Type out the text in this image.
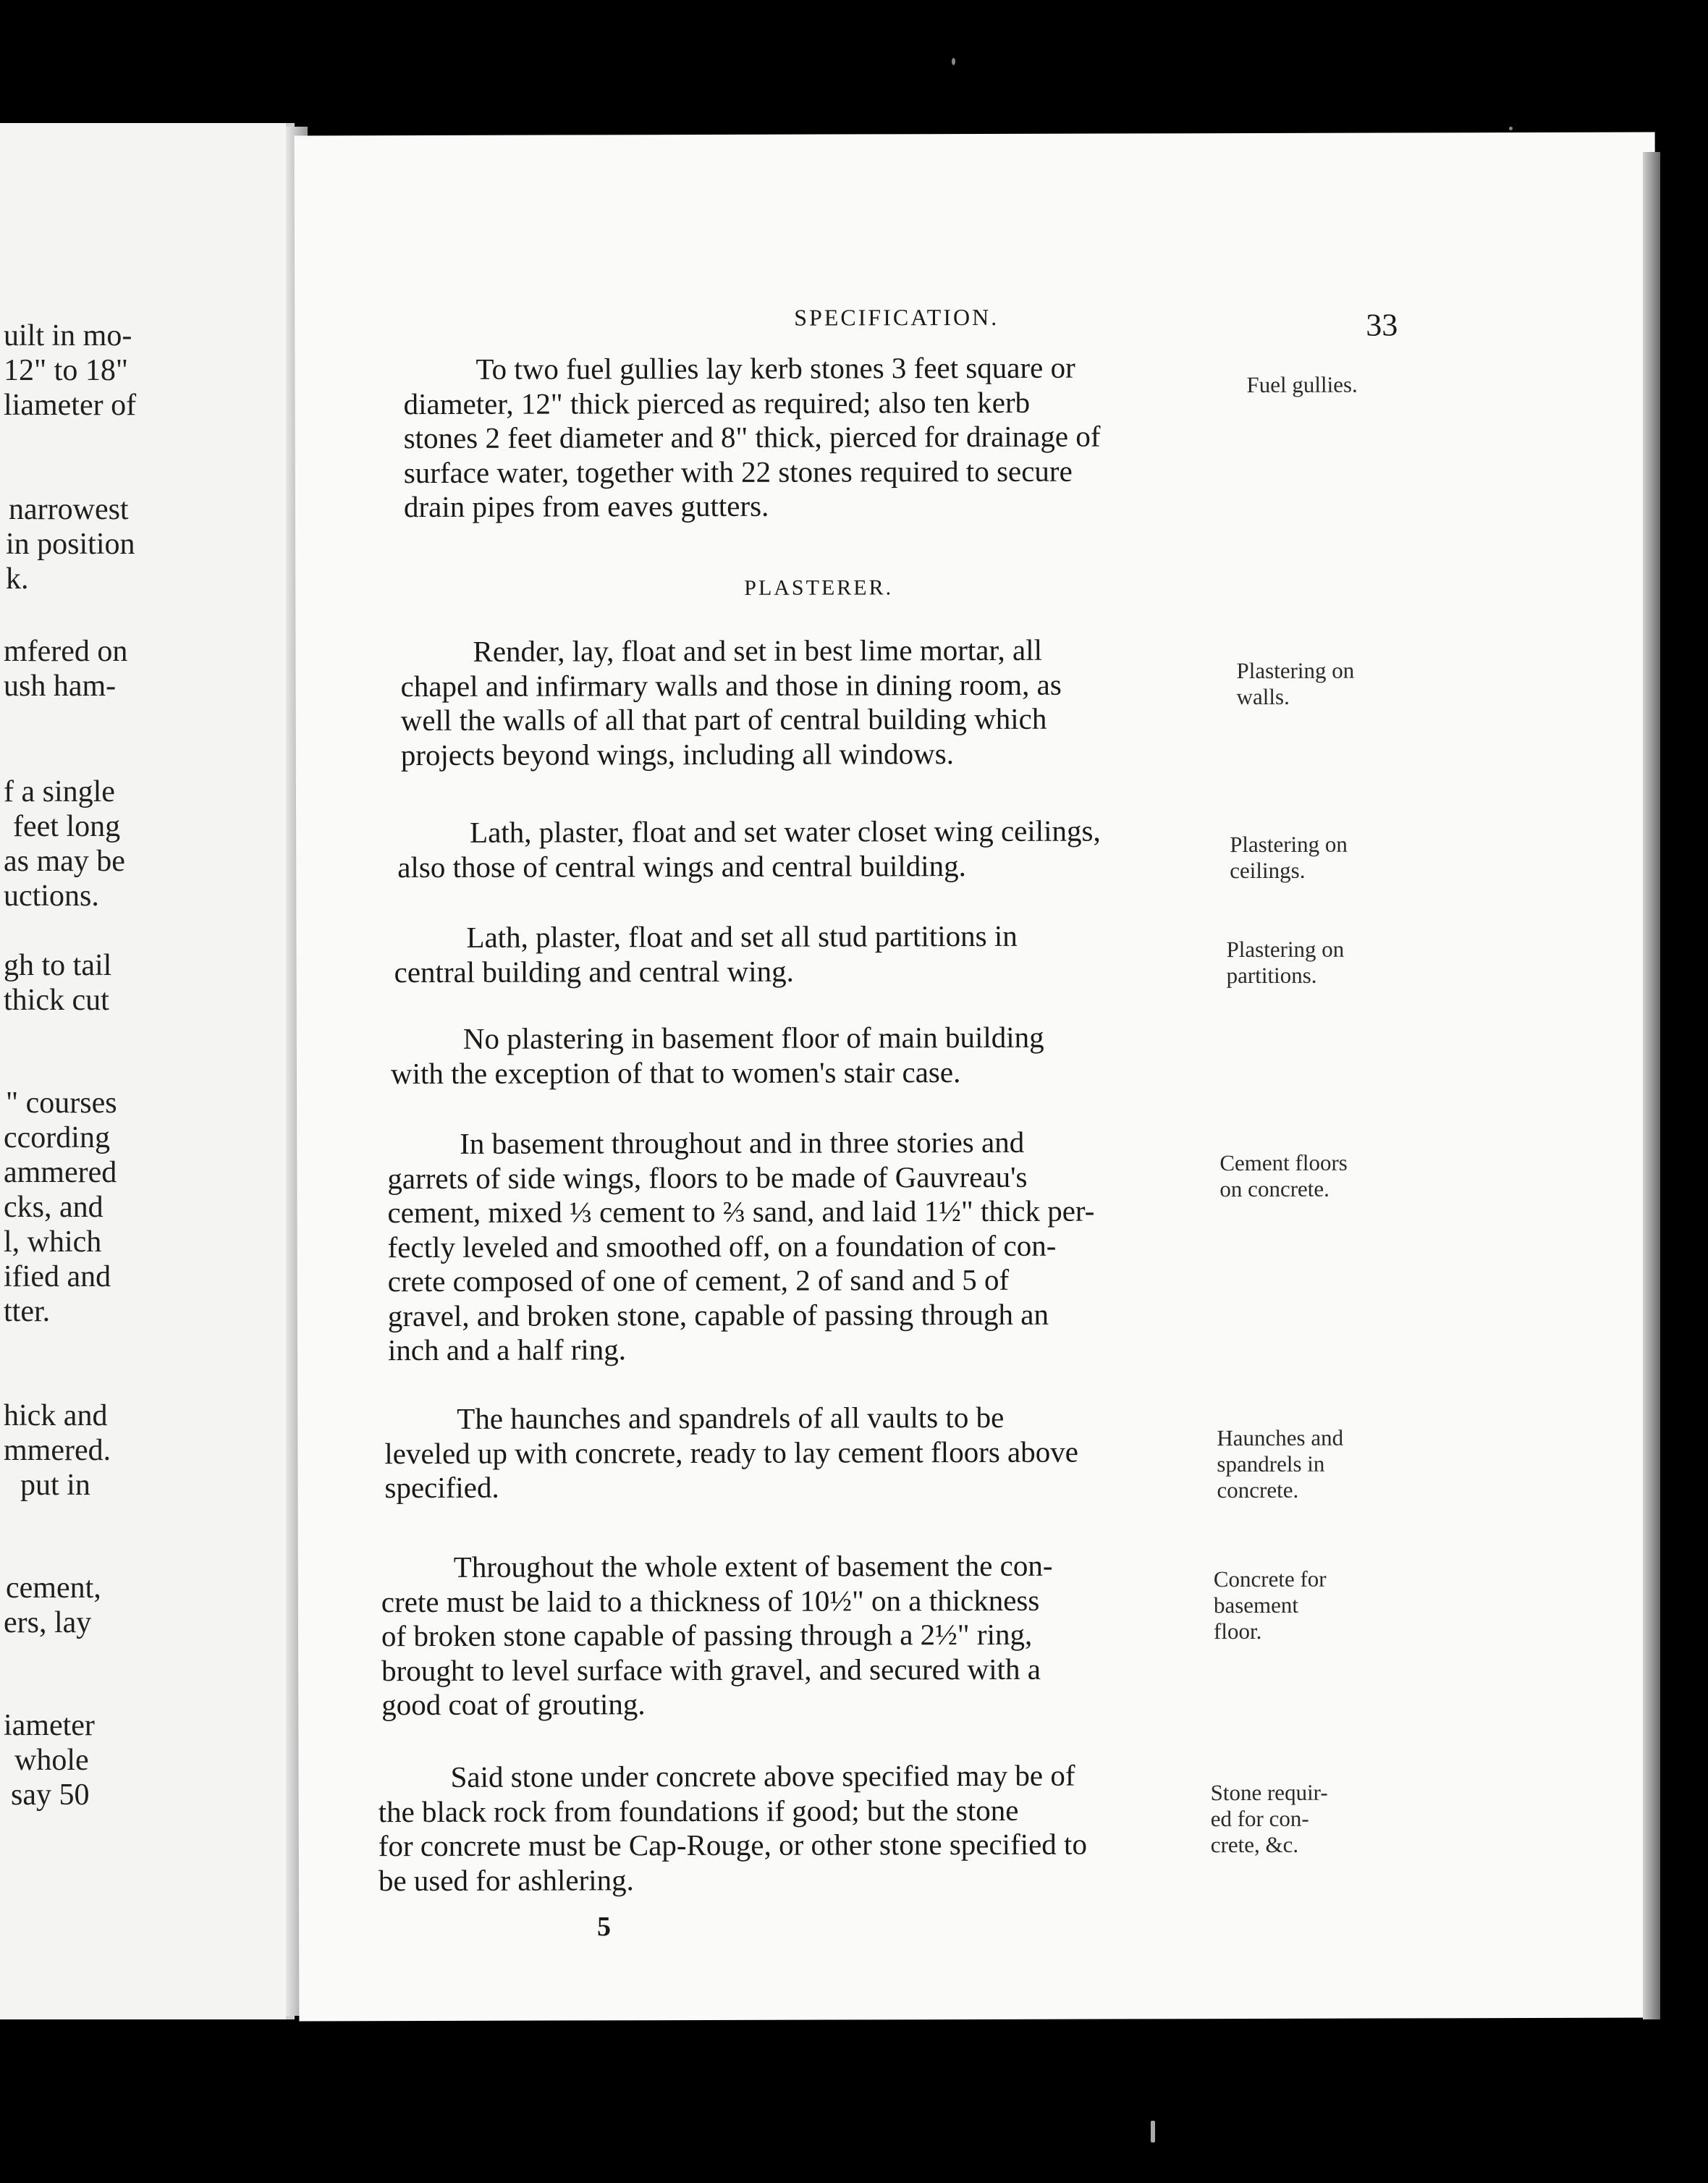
uilt in mo-
12" to 18"
liameter of
narrowest
in position
k.
mfered on
ush ham-
f a single
feet long
as may be
uctions.
gh to tail
thick cut
" courses
ccording
ammered
cks, and
l, which
ified and
tter.
hick and
mmered.
put in
cement,
ers, lay
iameter
whole
say 50
SPECIFICATION.	33
To two fuel gullies lay kerb stones 3 feet square or
diameter, 12" thick pierced as required; also ten kerb
stones 2 feet diameter and 8" thick, pierced for drainage of
surface water, together with 22 stones required to secure
drain pipes from eaves gutters.
Fuel gullies.
PLASTERER.
Render, lay, float and set in best lime mortar, all
chapel and infirmary walls and those in dining room, as
well the walls of all that part of central building which
projects beyond wings, including all windows.
Plastering on
walls.
Lath, plaster, float and set water closet wing ceilings,
also those of central wings and central building.
Plastering on
ceilings.
Lath, plaster, float and set all stud partitions in
central building and central wing.
Plastering on
partitions.
No plastering in basement floor of main building
with the exception of that to women's stair case.
In basement throughout and in three stories and
garrets of side wings, floors to be made of Gauvreau's
cement, mixed ⅓ cement to ⅔ sand, and laid 1½" thick per-
fectly leveled and smoothed off, on a foundation of con-
crete composed of one of cement, 2 of sand and 5 of
gravel, and broken stone, capable of passing through an
inch and a half ring.
Cement floors
on concrete.
The haunches and spandrels of all vaults to be
leveled up with concrete, ready to lay cement floors above
specified.
Haunches and
spandrels in
concrete.
Throughout the whole extent of basement the con-
crete must be laid to a thickness of 10½" on a thickness
of broken stone capable of passing through a 2½" ring,
brought to level surface with gravel, and secured with a
good coat of grouting.
Concrete for
basement
floor.
Said stone under concrete above specified may be of
the black rock from foundations if good; but the stone
for concrete must be Cap-Rouge, or other stone specified to
be used for ashlering.
Stone requir-
ed for con-
crete, &c.
5
